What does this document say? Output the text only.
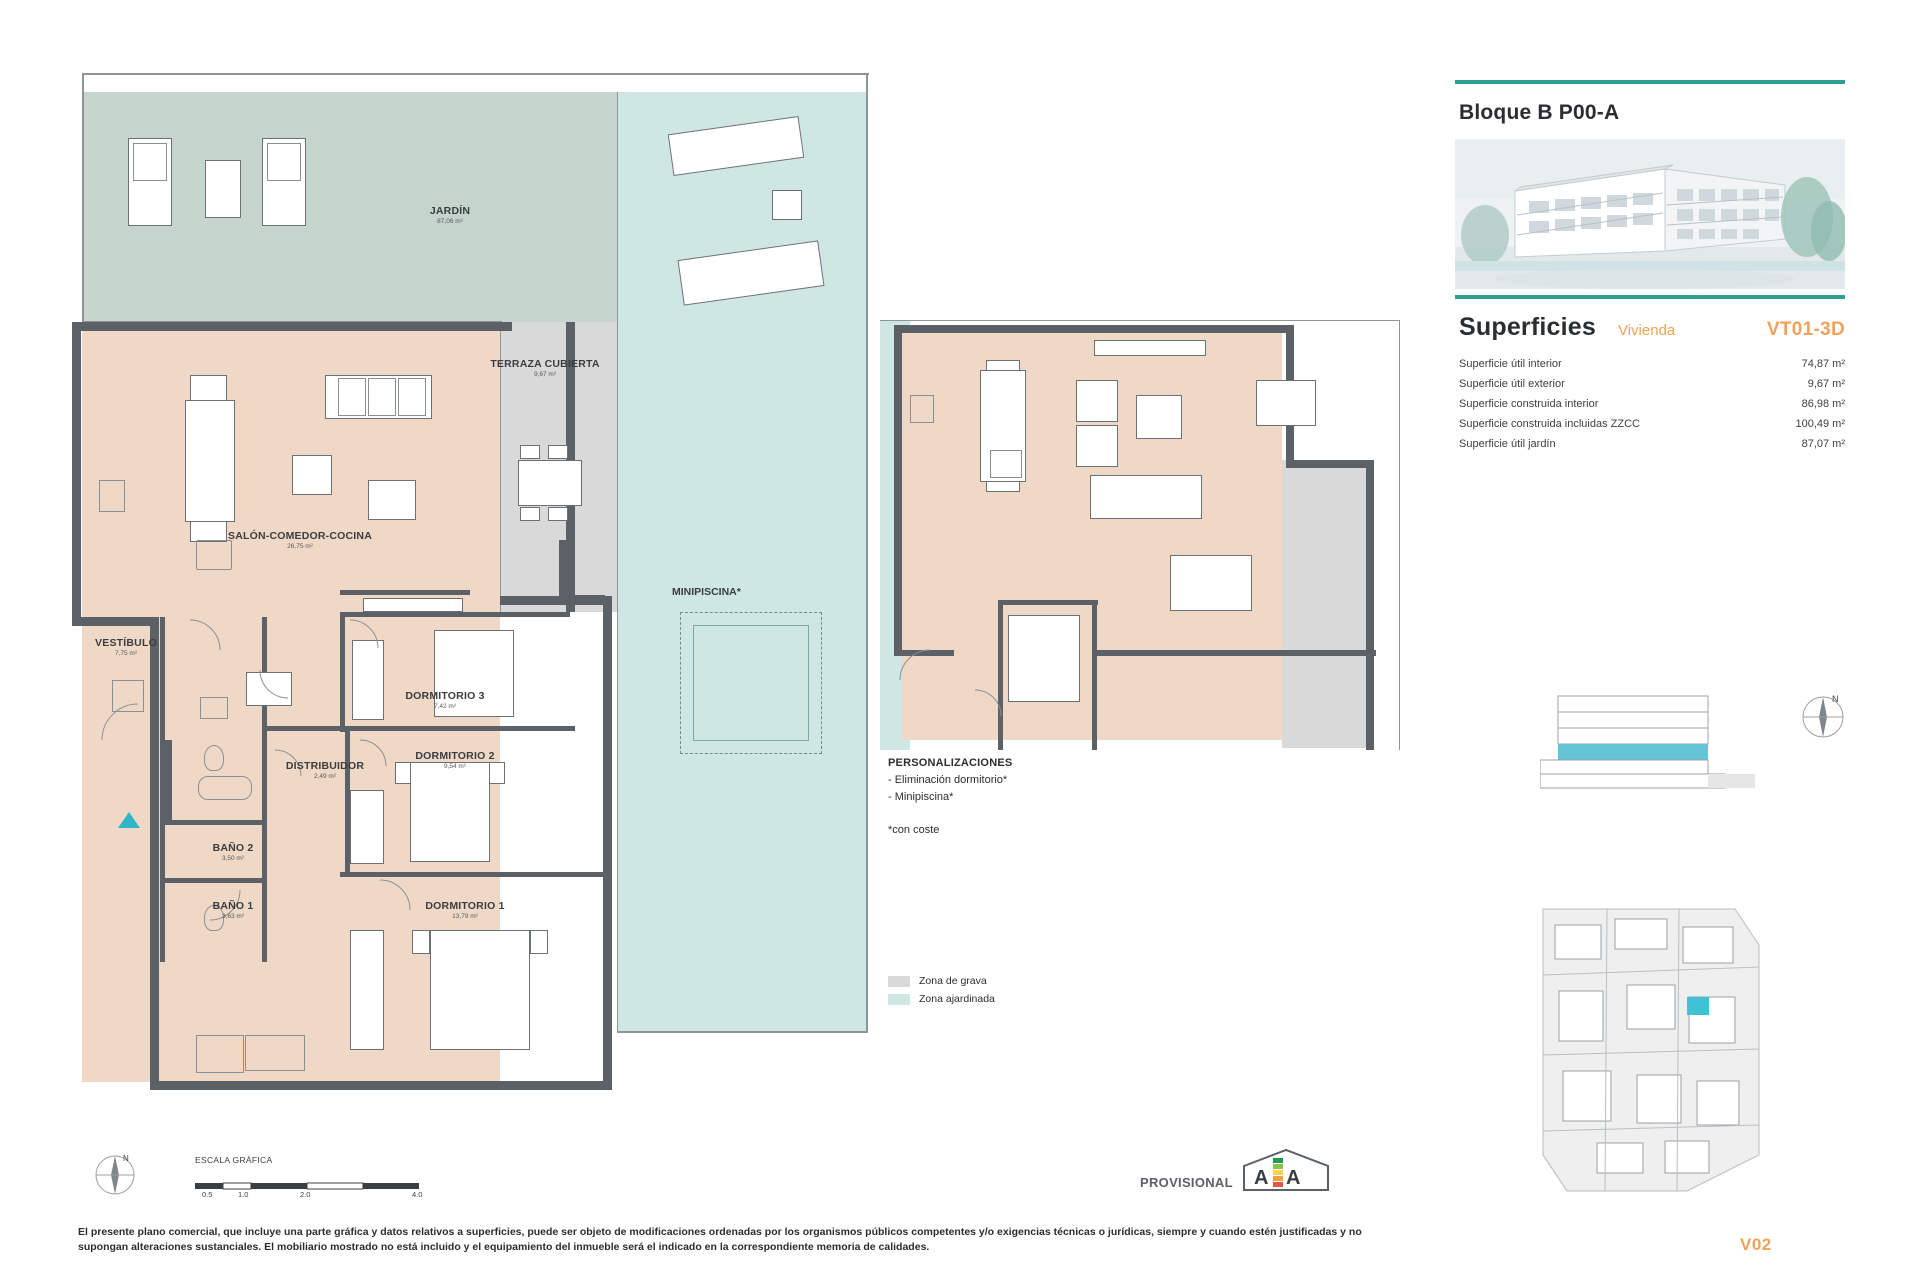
JARDÍN
87,06 m²
TERRAZA CUBIERTA
9,67 m²
SALÓN-COMEDOR-COCINA
26,75 m²
VESTÍBULO
7,75 m²
DORMITORIO 3
7,42 m²
DORMITORIO 2
9,54 m²
DORMITORIO 1
13,79 m²
DISTRIBUIDOR
2,49 m²
BAÑO 2
3,50 m²
BAÑO 1
3,63 m²
MINIPISCINA*
PERSONALIZACIONES
- Eliminación dormitorio*
- Minipiscina*
*con coste
Zona de grava
Zona ajardinada
Bloque B P00-A
Superficies Vivienda	VT01-3D
Superficie útil interior	74,87 m²
Superficie útil exterior	9,67 m²
Superficie construida interior	86,98 m²
Superficie construida incluidas ZZCC	100,49 m²
Superficie útil jardín	87,07 m²
N
N	ESCALA GRÁFICA
0.5	1.0	2.0	4.0
PROVISIONAL A A
El presente plano comercial, que incluye una parte gráfica y datos relativos a superficies, puede ser objeto de modificaciones ordenadas por los organismos públicos competentes y/o exigencias técnicas o jurídicas, siempre y cuando estén justificadas y no supongan alteraciones sustanciales. El mobiliario mostrado no está incluido y el equipamiento del inmueble será el indicado en la correspondiente memoria de calidades.	V02
